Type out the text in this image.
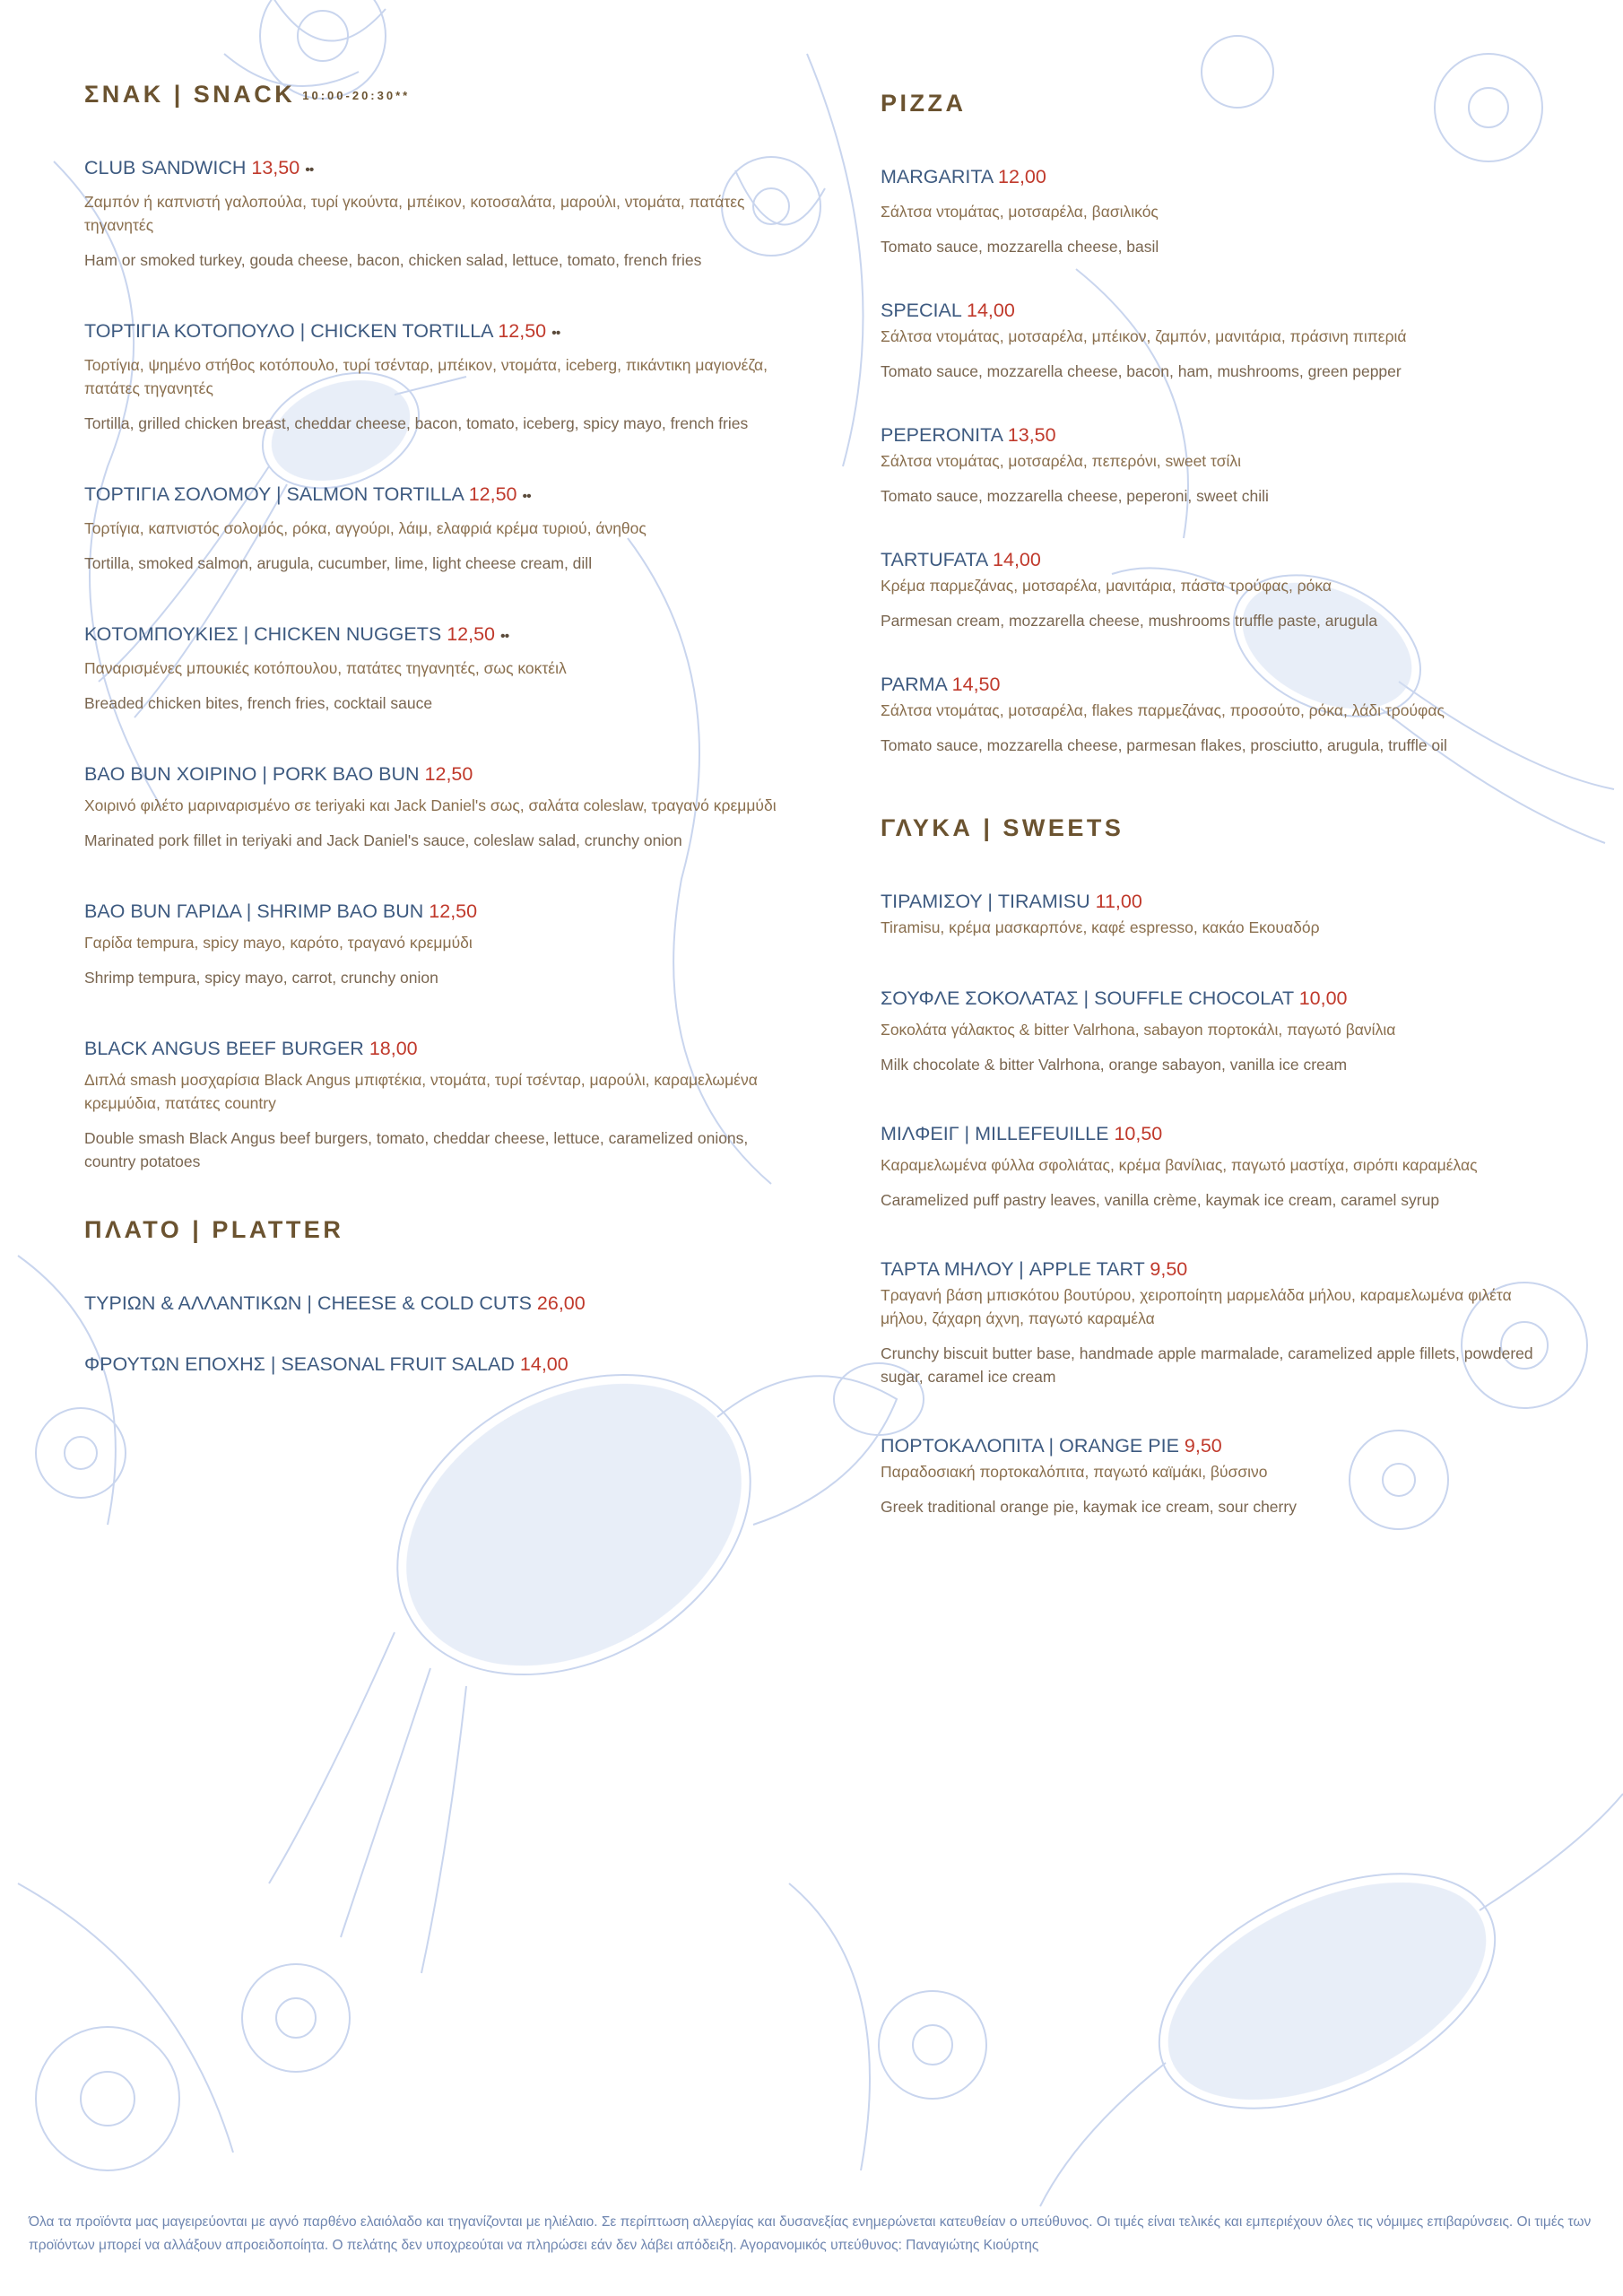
ΣΝΑΚ | SNACK 10:00-20:30**
CLUB SANDWICH 13,50 ••

Ζαμπόν ή καπνιστή γαλοπούλα, τυρί γκούντα, μπέικον, κοτοσαλάτα, μαρούλι, ντομάτα, πατάτες τηγανητές

Ham or smoked turkey, gouda cheese, bacon, chicken salad, lettuce, tomato, french fries

ΤΟΡΤΙΓΙΑ ΚΟΤΟΠΟΥΛΟ | CHICKEN TORTILLA 12,50 ••

Τορτίγια, ψημένο στήθος κοτόπουλο, τυρί τσένταρ, μπέικον, ντομάτα, iceberg, πικάντικη μαγιονέζα, πατάτες τηγανητές

Tortilla, grilled chicken breast, cheddar cheese, bacon, tomato, iceberg, spicy mayo, french fries

ΤΟΡΤΙΓΙΑ ΣΟΛΟΜΟΥ | SALMON TORTILLA 12,50 ••

Τορτίγια, καπνιστός σολομός, ρόκα, αγγούρι, λάιμ, ελαφριά κρέμα τυριού, άνηθος

Tortilla, smoked salmon, arugula, cucumber, lime, light cheese cream, dill

ΚΟΤΟΜΠΟΥΚΙΕΣ | CHICKEN NUGGETS 12,50 ••

Παναρισμένες μπουκιές κοτόπουλου, πατάτες τηγανητές, σως κοκτέιλ

Breaded chicken bites, french fries, cocktail sauce

BAO BUN ΧΟΙΡΙΝΟ | PORK BAO BUN 12,50

Χοιρινό φιλέτο μαριναρισμένο σε teriyaki και Jack Daniel's σως, σαλάτα coleslaw, τραγανό κρεμμύδι

Marinated pork fillet in teriyaki and Jack Daniel's sauce, coleslaw salad, crunchy onion

BAO BUN ΓΑΡΙΔΑ | SHRIMP BAO BUN 12,50

Γαρίδα tempura, spicy mayo, καρότο, τραγανό κρεμμύδι

Shrimp tempura, spicy mayo, carrot, crunchy onion

BLACK ANGUS BEEF BURGER 18,00

Διπλά smash μοσχαρίσια Black Angus μπιφτέκια, ντομάτα, τυρί τσένταρ, μαρούλι, καραμελωμένα κρεμμύδια, πατάτες country

Double smash Black Angus beef burgers, tomato, cheddar cheese, lettuce, caramelized onions, country potatoes

ΠΛΑΤΟ | PLATTER
ΤΥΡΙΩΝ & ΑΛΛΑΝΤΙΚΩΝ | CHEESE & COLD CUTS 26,00
ΦΡΟΥΤΩΝ ΕΠΟΧΗΣ | SEASONAL FRUIT SALAD 14,00
PIZZA
MARGARITA 12,00

Σάλτσα ντομάτας, μοτσαρέλα, βασιλικός

Tomato sauce, mozzarella cheese, basil

SPECIAL 14,00

Σάλτσα ντομάτας, μοτσαρέλα, μπέικον, ζαμπόν, μανιτάρια, πράσινη πιπεριά

Tomato sauce, mozzarella cheese, bacon, ham, mushrooms, green pepper

PEPERONITA 13,50

Σάλτσα ντομάτας, μοτσαρέλα, πεπερόνι, sweet τσίλι

Tomato sauce, mozzarella cheese, peperoni, sweet chili

TARTUFATA 14,00

Κρέμα παρμεζάνας, μοτσαρέλα, μανιτάρια, πάστα τρούφας, ρόκα

Parmesan cream, mozzarella cheese, mushrooms truffle paste, arugula

PARMA 14,50

Σάλτσα ντομάτας, μοτσαρέλα, flakes παρμεζάνας, προσούτο, ρόκα, λάδι τρούφας

Tomato sauce, mozzarella cheese, parmesan flakes, prosciutto, arugula, truffle oil

ΓΛΥΚΑ | SWEETS
ΤΙΡΑΜΙΣΟΥ | TIRAMISU 11,00

Tiramisu, κρέμα μασκαρπόνε, καφέ espresso, κακάο Εκουαδόρ

ΣΟΥΦΛΕ ΣΟΚΟΛΑΤΑΣ | SOUFFLE CHOCOLAT 10,00

Σοκολάτα γάλακτος & bitter Valrhona, sabayon πορτοκάλι, παγωτό βανίλια

Milk chocolate & bitter Valrhona, orange sabayon, vanilla ice cream

ΜΙΛΦΕΙΓ | MILLEFEUILLE 10,50

Καραμελωμένα φύλλα σφολιάτας, κρέμα βανίλιας, παγωτό μαστίχα, σιρόπι καραμέλας

Caramelized puff pastry leaves, vanilla crème, kaymak ice cream, caramel syrup

ΤΑΡΤΑ ΜΗΛΟΥ | APPLE TART 9,50

Τραγανή βάση μπισκότου βουτύρου, χειροποίητη μαρμελάδα μήλου, καραμελωμένα φιλέτα μήλου, ζάχαρη άχνη, παγωτό καραμέλα

Crunchy biscuit butter base, handmade apple marmalade, caramelized apple fillets, powdered sugar, caramel ice cream

ΠΟΡΤΟΚΑΛΟΠΙΤΑ | ORANGE PIE 9,50

Παραδοσιακή πορτοκαλόπιτα, παγωτό καϊμάκι, βύσσινο

Greek traditional orange pie, kaymak ice cream, sour cherry

Όλα τα προϊόντα μας μαγειρεύονται με αγνό παρθένο ελαιόλαδο και τηγανίζονται με ηλιέλαιο. Σε περίπτωση αλλεργίας και δυσανεξίας ενημερώνεται κατευθείαν ο υπεύθυνος. Οι τιμές είναι τελικές και εμπεριέχουν όλες τις νόμιμες επιβαρύνσεις. Οι τιμές των προϊόντων μπορεί να αλλάξουν απροειδοποίητα. Ο πελάτης δεν υποχρεούται να πληρώσει εάν δεν λάβει απόδειξη. Αγορανομικός υπεύθυνος: Παναγιώτης Κιούρτης
